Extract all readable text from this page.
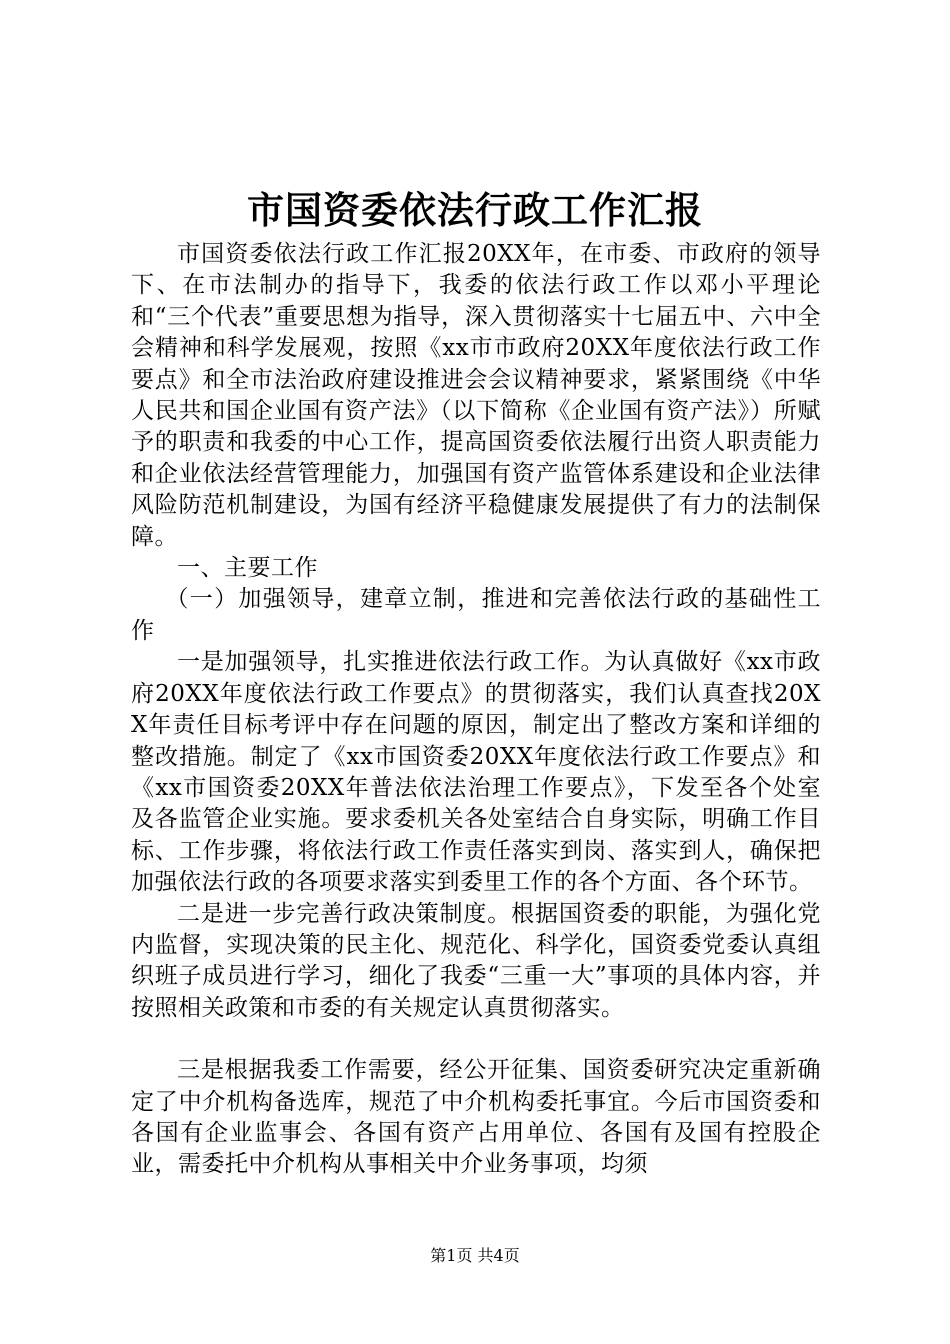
市国资委依法行政工作汇报

市国资委依法行政工作汇报20XX年，在市委、市政府的领导下、在市法制办的指导下，我委的依法行政工作以邓小平理论和“三个代表”重要思想为指导，深入贯彻落实十七届五中、六中全会精神和科学发展观，按照《xx市市政府20XX年度依法行政工作要点》和全市法治政府建设推进会会议精神要求，紧紧围绕《中华人民共和国企业国有资产法》（以下简称《企业国有资产法》）所赋予的职责和我委的中心工作，提高国资委依法履行出资人职责能力和企业依法经营管理能力，加强国有资产监管体系建设和企业法律风险防范机制建设，为国有经济平稳健康发展提供了有力的法制保障。

一、主要工作

（一）加强领导，建章立制，推进和完善依法行政的基础性工作

一是加强领导，扎实推进依法行政工作。为认真做好《xx市政府20XX年度依法行政工作要点》的贯彻落实，我们认真查找20XX年责任目标考评中存在问题的原因，制定出了整改方案和详细的整改措施。制定了《xx市国资委20XX年度依法行政工作要点》和《xx市国资委20XX年普法依法治理工作要点》，下发至各个处室及各监管企业实施。要求委机关各处室结合自身实际，明确工作目标、工作步骤，将依法行政工作责任落实到岗、落实到人，确保把加强依法行政的各项要求落实到委里工作的各个方面、各个环节。

二是进一步完善行政决策制度。根据国资委的职能，为强化党内监督，实现决策的民主化、规范化、科学化，国资委党委认真组织班子成员进行学习，细化了我委“三重一大”事项的具体内容，并按照相关政策和市委的有关规定认真贯彻落实。

三是根据我委工作需要，经公开征集、国资委研究决定重新确定了中介机构备选库，规范了中介机构委托事宜。今后市国资委和各国有企业监事会、各国有资产占用单位、各国有及国有控股企业，需委托中介机构从事相关中介业务事项，均须

第1页 共4页
